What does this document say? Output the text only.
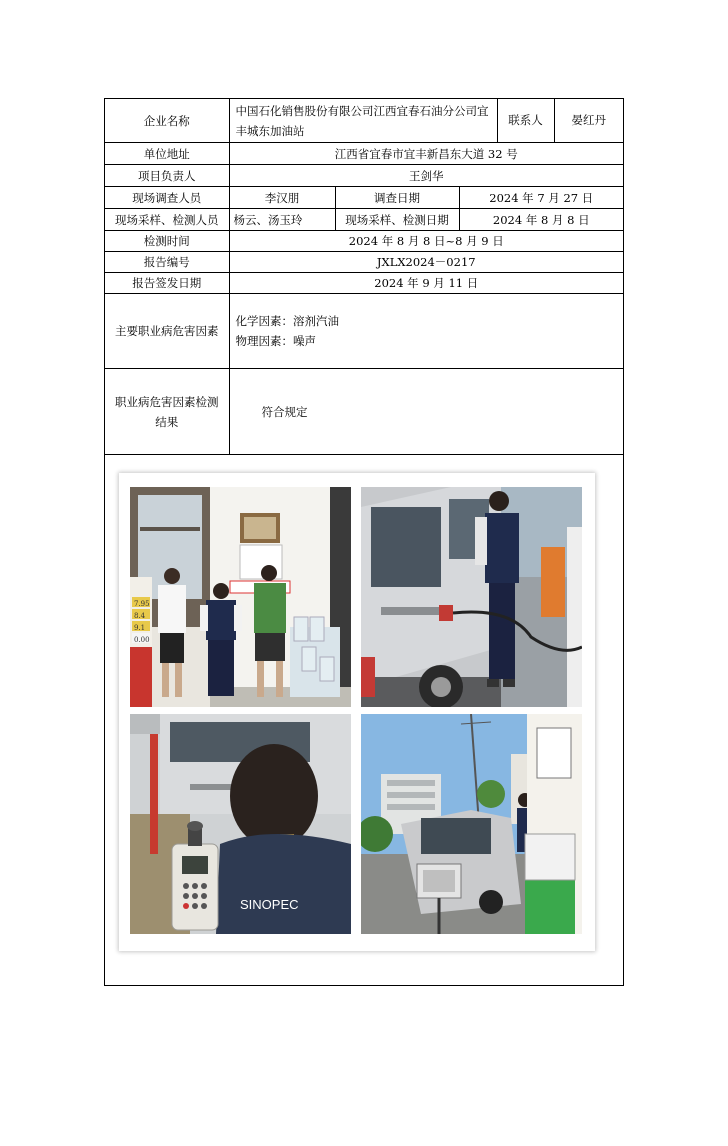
企业名称	中国石化销售股份有限公司江西宜春石油分公司宜丰城东加油站			联系人 晏红丹

单位地址	江西省宜春市宜丰新昌东大道 32 号			
项目负责人	王剑华			
现场调查人员	李汉朋	调查日期	2024 年 7 月 27 日	
现场采样、检测人员	杨云、汤玉玲	现场采样、检测日期	2024 年 8 月 8 日	
检测时间	2024 年 8 月 8 日~8 月 9 日			
报告编号	JXLX2024－0217			
报告签发日期	2024 年 9 月 11 日			
主要职业病危害因素	化学因素：溶剂汽油
物理因素：噪声			

职业病危害因素检测结果	符合规定			
7.95
8.4
9.1
0.00
SINOPEC
